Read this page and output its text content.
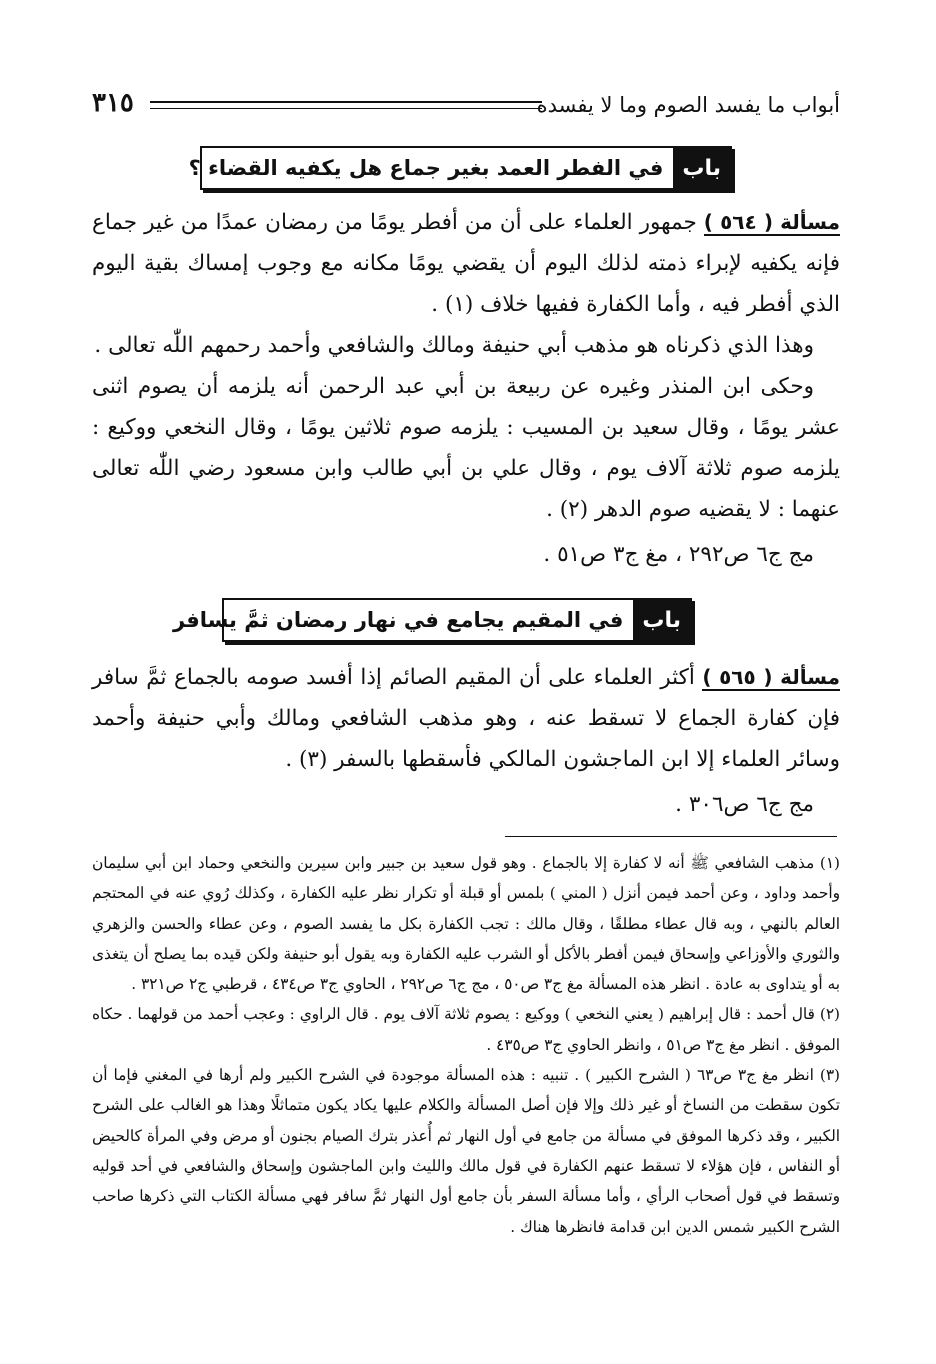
أبواب ما يفسد الصوم وما لا يفسده
٣١٥
باب
في الفطر العمد بغير جماع هل يكفيه القضاء ؟

مسألة ( ٥٦٤ ) جمهور العلماء على أن من أفطر يومًا من رمضان عمدًا من غير جماع فإنه يكفيه لإبراء ذمته لذلك اليوم أن يقضي يومًا مكانه مع وجوب إمساك بقية اليوم الذي أفطر فيه ، وأما الكفارة ففيها خلاف (١) .

وهذا الذي ذكرناه هو مذهب أبي حنيفة ومالك والشافعي وأحمد رحمهم اللّٰه تعالى .

وحكى ابن المنذر وغيره عن ربيعة بن أبي عبد الرحمن أنه يلزمه أن يصوم اثنى عشر يومًا ، وقال سعيد بن المسيب : يلزمه صوم ثلاثين يومًا ، وقال النخعي ووكيع : يلزمه صوم ثلاثة آلاف يوم ، وقال علي بن أبي طالب وابن مسعود رضي اللّٰه تعالى عنهما : لا يقضيه صوم الدهر (٢) .

مج ج٦ ص٢٩٢ ، مغ ج٣ ص٥١ .

باب
في المقيم يجامع في نهار رمضان ثمَّ يسافر

مسألة ( ٥٦٥ ) أكثر العلماء على أن المقيم الصائم إذا أفسد صومه بالجماع ثمَّ سافر فإن كفارة الجماع لا تسقط عنه ، وهو مذهب الشافعي ومالك وأبي حنيفة وأحمد وسائر العلماء إلا ابن الماجشون المالكي فأسقطها بالسفر (٣) .

مج ج٦ ص٣٠٦ .

(١) مذهب الشافعي ﷺ أنه لا كفارة إلا بالجماع . وهو قول سعيد بن جبير وابن سيرين والنخعي وحماد ابن أبي سليمان وأحمد وداود ، وعن أحمد فيمن أنزل ( المني ) بلمس أو قبلة أو تكرار نظر عليه الكفارة ، وكذلك رُوي عنه في المحتجم العالم بالنهي ، وبه قال عطاء مطلقًا ، وقال مالك : تجب الكفارة بكل ما يفسد الصوم ، وعن عطاء والحسن والزهري والثوري والأوزاعي وإسحاق فيمن أفطر بالأكل أو الشرب عليه الكفارة وبه يقول أبو حنيفة ولكن قيده بما يصلح أن يتغذى به أو يتداوى به عادة . انظر هذه المسألة مغ ج٣ ص٥٠ ، مج ج٦ ص٢٩٢ ، الحاوي ج٣ ص٤٣٤ ، قرطبي ج٢ ص٣٢١ .

(٢) قال أحمد : قال إبراهيم ( يعني النخعي ) ووكيع : يصوم ثلاثة آلاف يوم . قال الراوي : وعجب أحمد من قولهما . حكاه الموفق . انظر مغ ج٣ ص٥١ ، وانظر الحاوي ج٣ ص٤٣٥ .

(٣) انظر مغ ج٣ ص٦٣ ( الشرح الكبير ) . تنبيه : هذه المسألة موجودة في الشرح الكبير ولم أرها في المغني فإما أن تكون سقطت من النساخ أو غير ذلك وإلا فإن أصل المسألة والكلام عليها يكاد يكون متماثلًا وهذا هو الغالب على الشرح الكبير ، وقد ذكرها الموفق في مسألة من جامع في أول النهار ثم أُعذر بترك الصيام بجنون أو مرض وفي المرأة كالحيض أو النفاس ، فإن هؤلاء لا تسقط عنهم الكفارة في قول مالك والليث وابن الماجشون وإسحاق والشافعي في أحد قوليه وتسقط في قول أصحاب الرأي ، وأما مسألة السفر بأن جامع أول النهار ثمَّ سافر فهي مسألة الكتاب التي ذكرها صاحب الشرح الكبير شمس الدين ابن قدامة فانظرها هناك .
